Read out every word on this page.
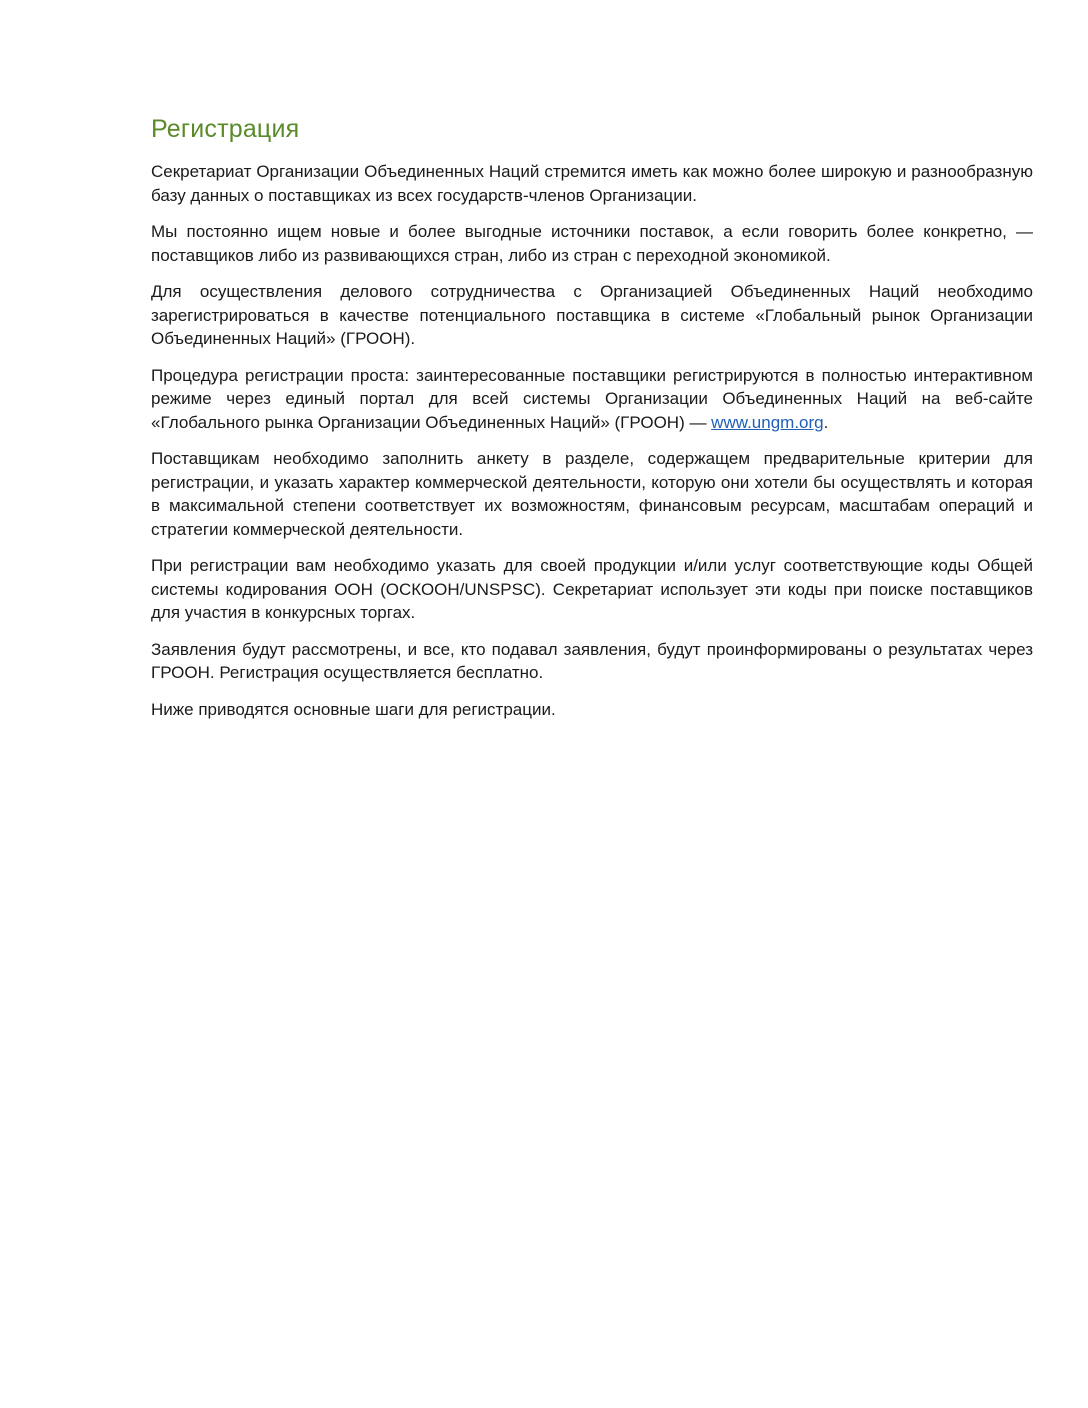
Регистрация

Секретариат Организации Объединенных Наций стремится иметь как можно более широкую и разнообразную базу данных о поставщиках из всех государств-членов Организации.

Мы постоянно ищем новые и более выгодные источники поставок, а если говорить более конкретно, — поставщиков либо из развивающихся стран, либо из стран с переходной экономикой.

Для осуществления делового сотрудничества с Организацией Объединенных Наций необходимо зарегистрироваться в качестве потенциального поставщика в системе «Глобальный рынок Организации Объединенных Наций» (ГРООН).

Процедура регистрации проста: заинтересованные поставщики регистрируются в полностью интерактивном режиме через единый портал для всей системы Организации Объединенных Наций на веб-сайте «Глобального рынка Организации Объединенных Наций» (ГРООН) — www.ungm.org.

Поставщикам необходимо заполнить анкету в разделе, содержащем предварительные критерии для регистрации, и указать характер коммерческой деятельности, которую они хотели бы осуществлять и которая в максимальной степени соответствует их возможностям, финансовым ресурсам, масштабам операций и стратегии коммерческой деятельности.

При регистрации вам необходимо указать для своей продукции и/или услуг соответствующие коды Общей системы кодирования ООН (ОСКООН/UNSPSC). Секретариат использует эти коды при поиске поставщиков для участия в конкурсных торгах.

Заявления будут рассмотрены, и все, кто подавал заявления, будут проинформированы о результатах через ГРООН. Регистрация осуществляется бесплатно.

Ниже приводятся основные шаги для регистрации.
